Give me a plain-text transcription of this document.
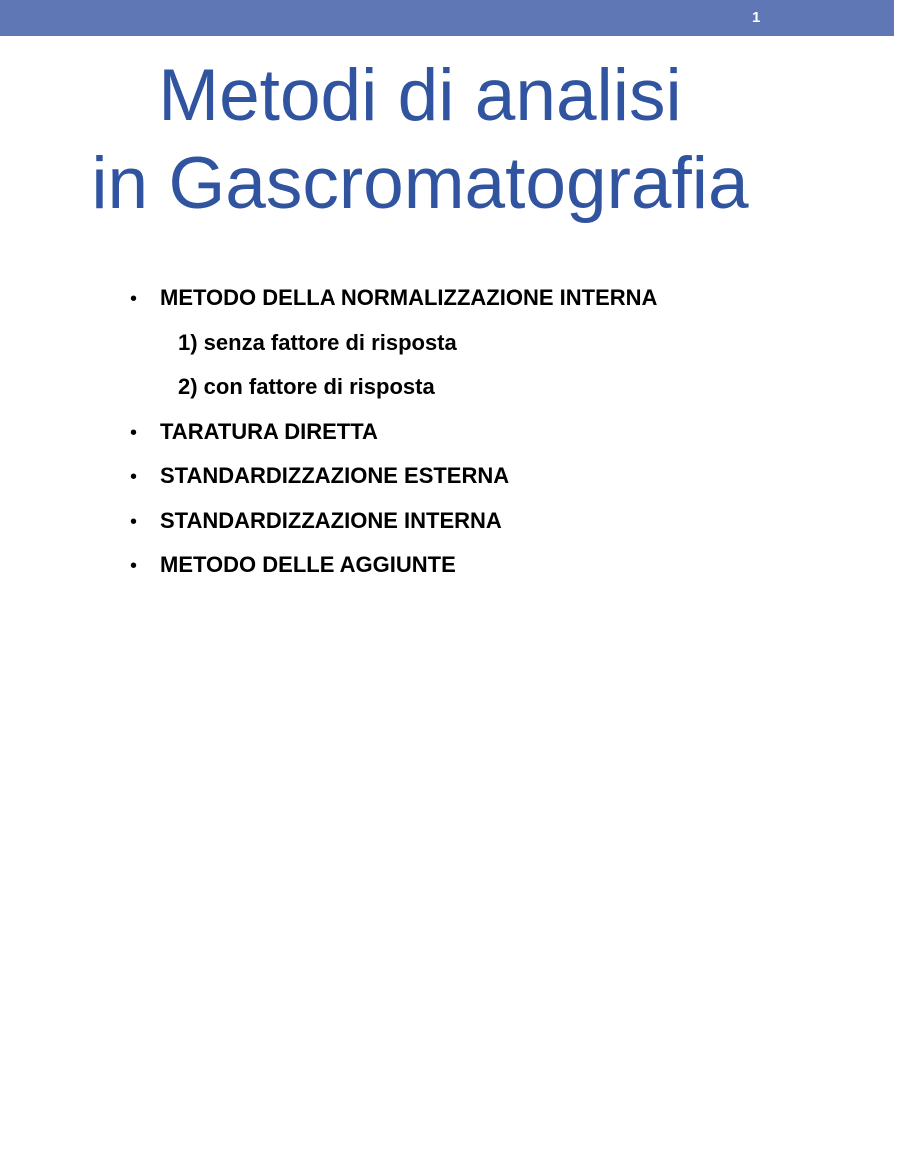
1
Metodi di analisi
in Gascromatografia
• METODO DELLA NORMALIZZAZIONE INTERNA
1) senza fattore di risposta
2) con fattore di risposta
• TARATURA DIRETTA
• STANDARDIZZAZIONE ESTERNA
• STANDARDIZZAZIONE INTERNA
• METODO DELLE AGGIUNTE
